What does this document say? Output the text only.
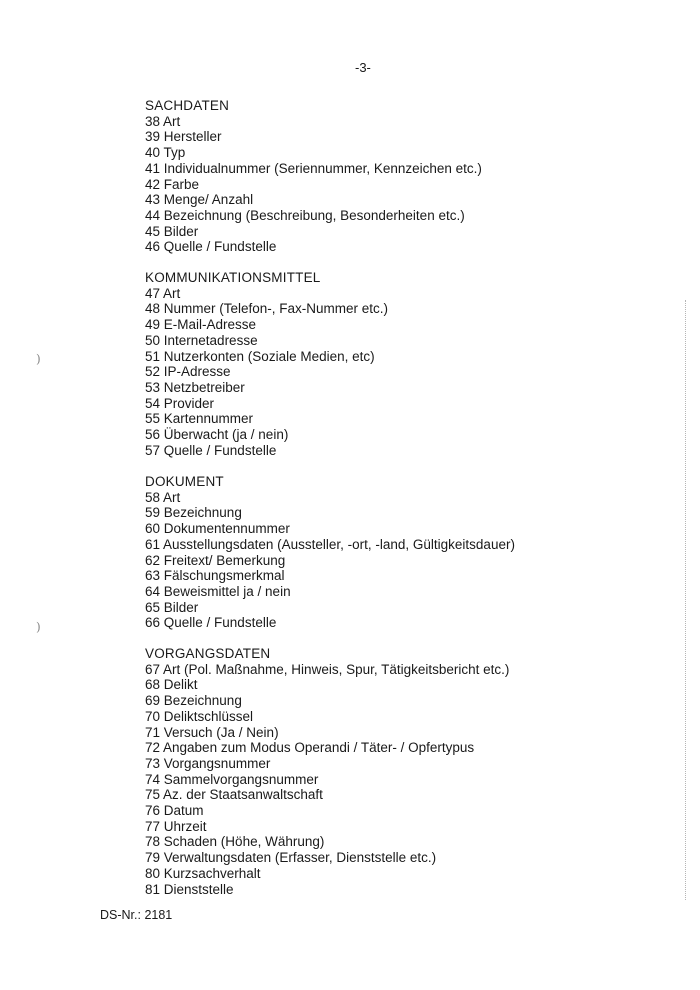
-3-

SACHDATEN
38 Art
39 Hersteller
40 Typ
41 Individualnummer (Seriennummer, Kennzeichen etc.)
42 Farbe
43 Menge/ Anzahl
44 Bezeichnung (Beschreibung, Besonderheiten etc.)
45 Bilder
46 Quelle / Fundstelle
KOMMUNIKATIONSMITTEL
47 Art
48 Nummer (Telefon-, Fax-Nummer etc.)
49 E-Mail-Adresse
50 Internetadresse
51 Nutzerkonten (Soziale Medien, etc)
52 IP-Adresse
53 Netzbetreiber
54 Provider
55 Kartennummer
56 Überwacht (ja / nein)
57 Quelle / Fundstelle
DOKUMENT
58 Art
59 Bezeichnung
60 Dokumentennummer
61 Ausstellungsdaten (Aussteller, -ort, -land, Gültigkeitsdauer)
62 Freitext/ Bemerkung
63 Fälschungsmerkmal
64 Beweismittel ja / nein
65 Bilder
66 Quelle / Fundstelle
VORGANGSDATEN
67 Art (Pol. Maßnahme, Hinweis, Spur, Tätigkeitsbericht etc.)
68 Delikt
69 Bezeichnung
70 Deliktschlüssel
71 Versuch (Ja / Nein)
72 Angaben zum Modus Operandi / Täter- / Opfertypus
73 Vorgangsnummer
74 Sammelvorgangsnummer
75 Az. der Staatsanwaltschaft
76 Datum
77 Uhrzeit
78 Schaden (Höhe, Währung)
79 Verwaltungsdaten (Erfasser, Dienststelle etc.)
80 Kurzsachverhalt
81 Dienststelle

DS-Nr.: 2181

)
)
